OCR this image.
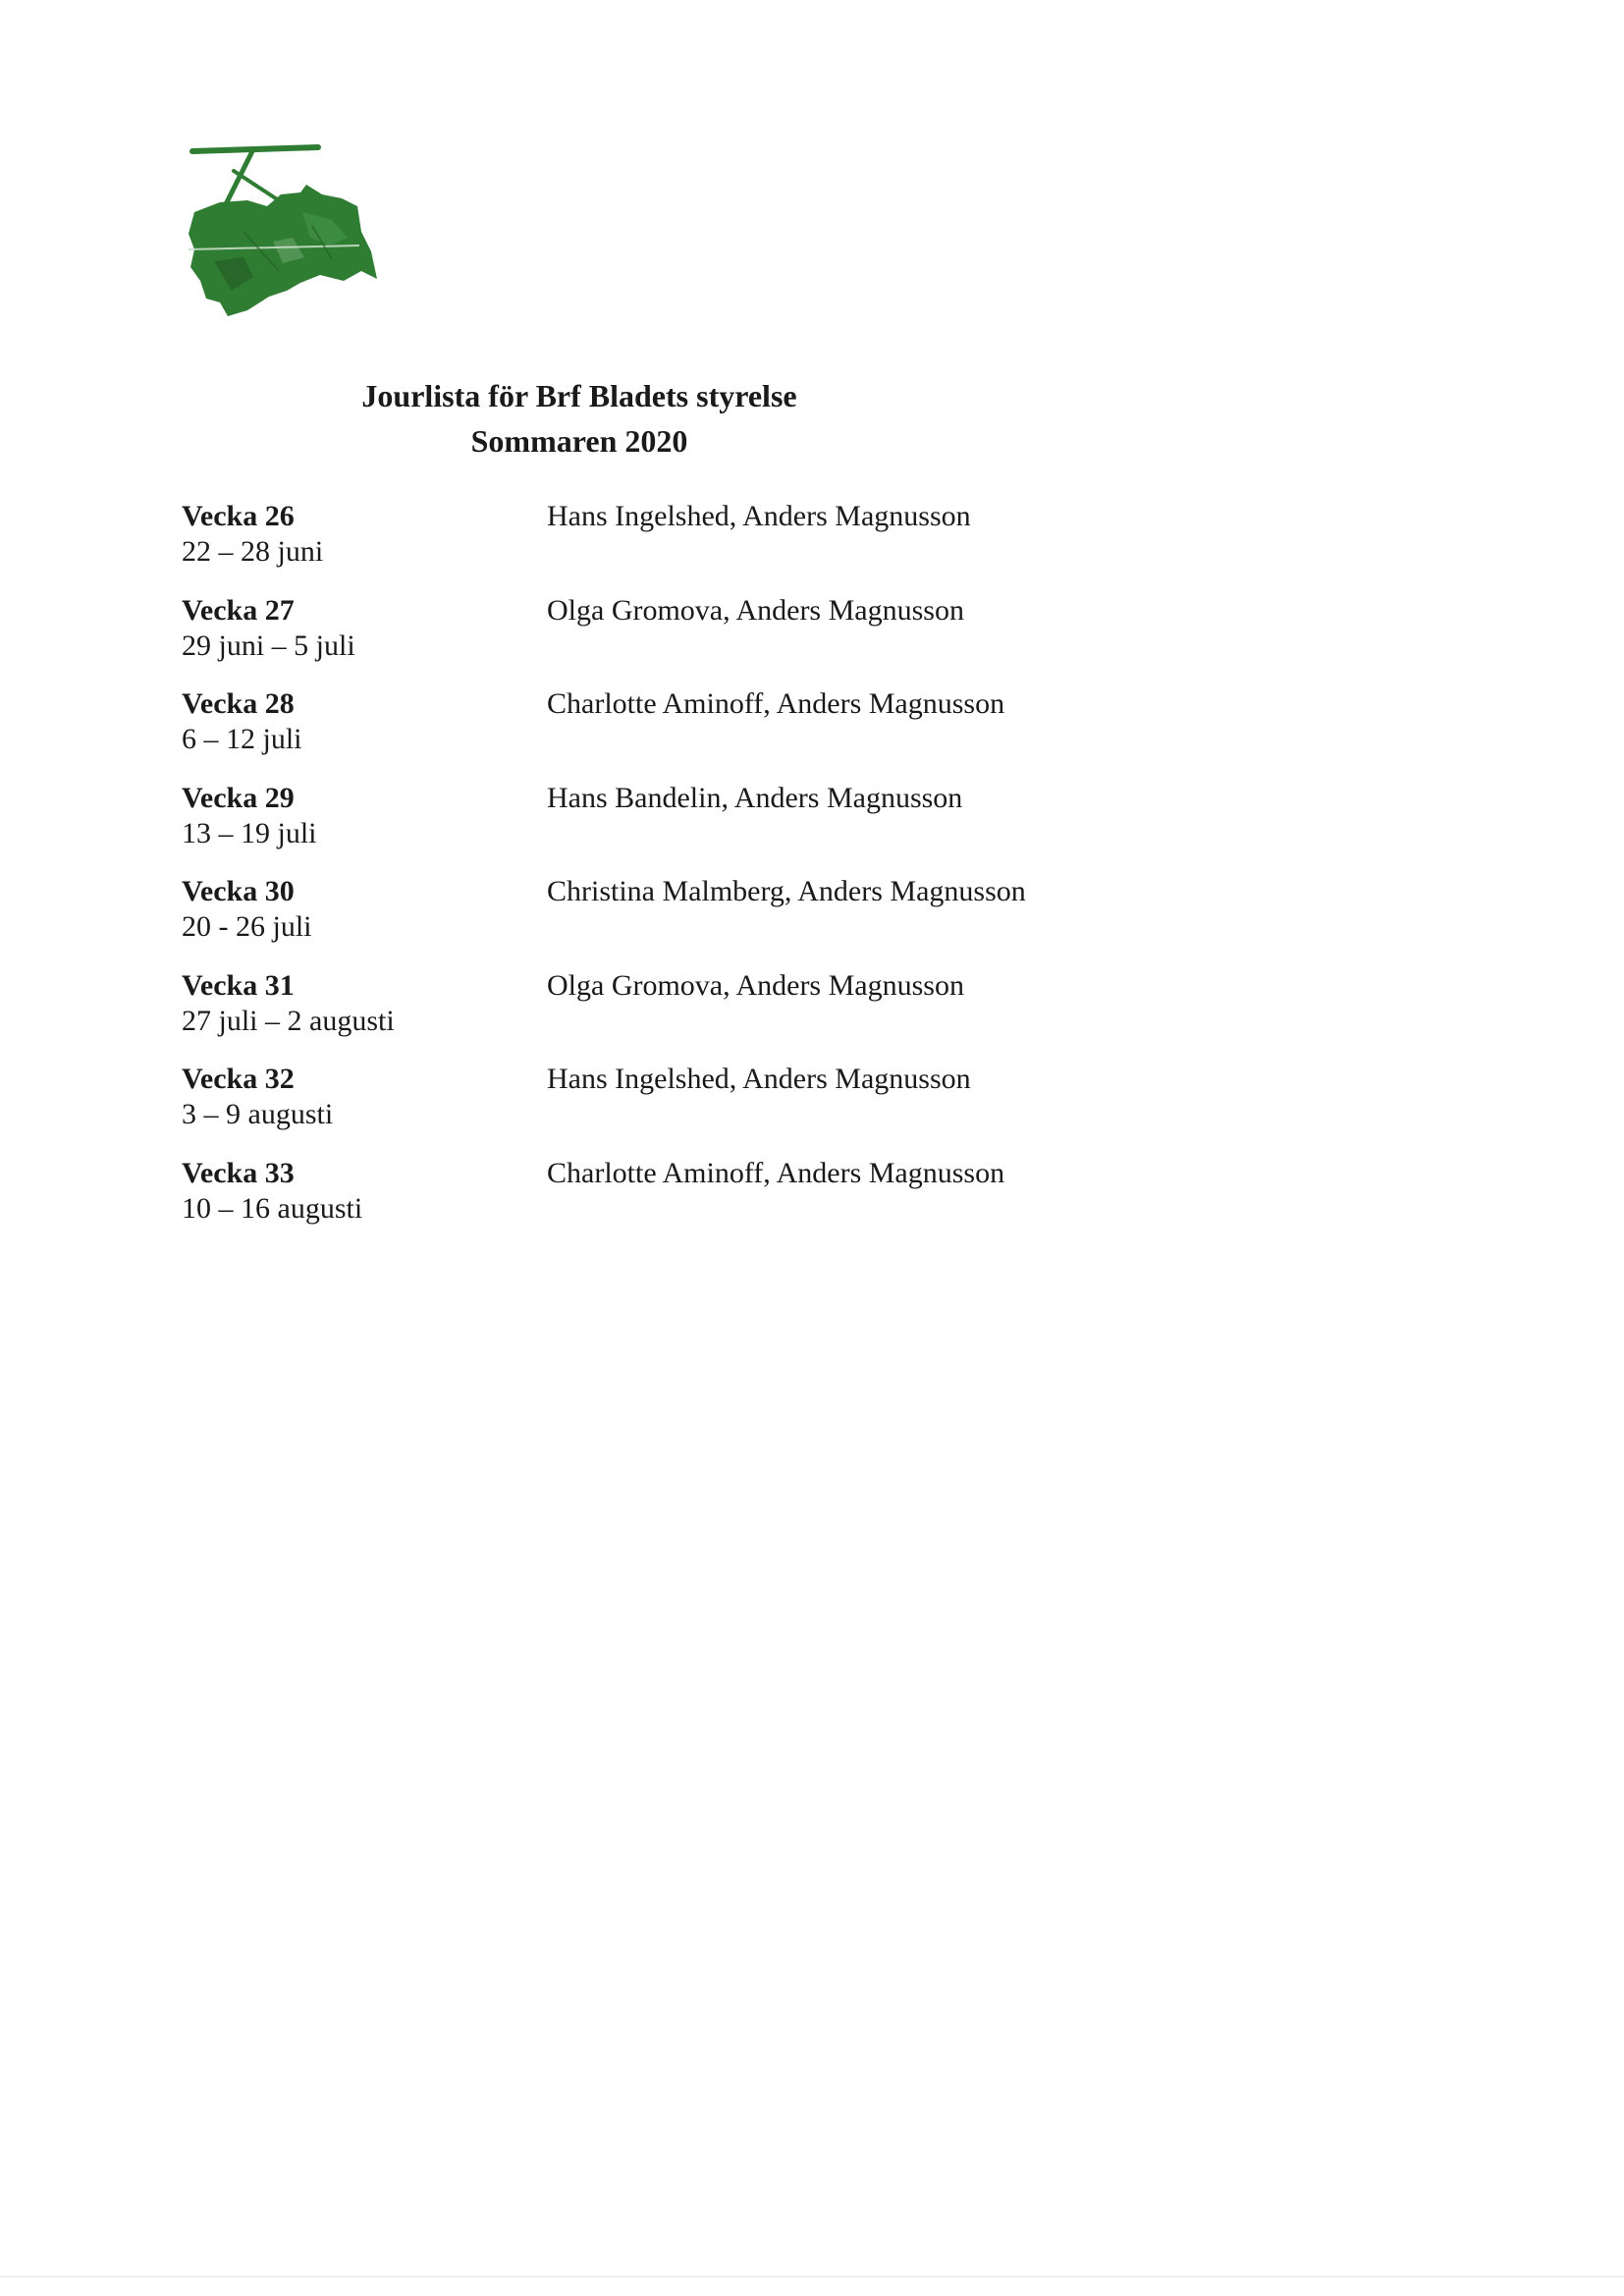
Jourlista för Brf Bladets styrelse
Sommaren 2020
Vecka 26
22 – 28 juni
Hans Ingelshed, Anders Magnusson
Vecka 27
29 juni – 5 juli
Olga Gromova, Anders Magnusson
Vecka 28
6 – 12 juli
Charlotte Aminoff, Anders Magnusson
Vecka 29
13 – 19 juli
Hans Bandelin, Anders Magnusson
Vecka 30
20 - 26 juli
Christina Malmberg, Anders Magnusson
Vecka 31
27 juli – 2 augusti
Olga Gromova, Anders Magnusson
Vecka 32
3 – 9 augusti
Hans Ingelshed, Anders Magnusson
Vecka 33
10 – 16 augusti
Charlotte Aminoff, Anders Magnusson
